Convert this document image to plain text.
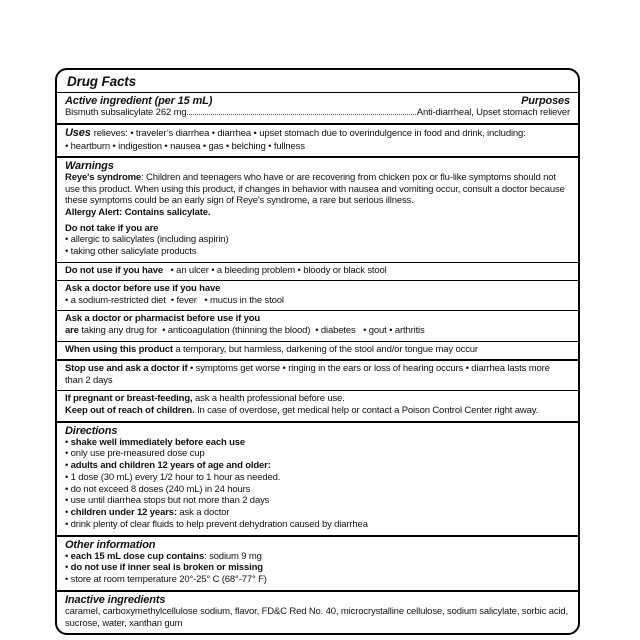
Drug Facts
Active ingredient (per 15 mL)	Purposes
Bismuth subsalicylate 262 mg	Anti-diarrheal, Upset stomach reliever

Uses relieves: • traveler’s diarrhea • diarrhea • upset stomach due to overindulgence in food and drink, including:

• heartburn • indigestion • nausea • gas • belching • fullness

Warnings

Reye's syndrome: Children and teenagers who have or are recovering from chicken pox or flu-like symptoms should not use this product. When using this product, if changes in behavior with nausea and vomiting occur, consult a doctor because these symptoms could be an early sign of Reye's syndrome, a rare but serious illness.

Allergy Alert: Contains salicylate.

Do not take if you are

• allergic to salicylates (including aspirin)
• taking other salicylate products

Do not use if you have   • an ulcer • a bleeding problem • bloody or black stool

Ask a doctor before use if you have

• a sodium-restricted diet  • fever   • mucus in the stool

Ask a doctor or pharmacist before use if you

are taking any drug for  • anticoagulation (thinning the blood)  • diabetes   • gout • arthritis

When using this product a temporary, but harmless, darkening of the stool and/or tongue may occur

Stop use and ask a doctor if • symptoms get worse • ringing in the ears or loss of hearing occurs • diarrhea lasts more than 2 days

If pregnant or breast-feeding, ask a health professional before use.

Keep out of reach of children. In case of overdose, get medical help or contact a Poison Control Center right away.

Directions
• shake well immediately before each use
• only use pre-measured dose cup
• adults and children 12 years of age and older:
• 1 dose (30 mL) every 1/2 hour to 1 hour as needed.
• do not exceed 8 doses (240 mL) in 24 hours
• use until diarrhea stops but not more than 2 days
• children under 12 years: ask a doctor
• drink plenty of clear fluids to help prevent dehydration caused by diarrhea
Other information
• each 15 mL dose cup contains: sodium 9 mg
• do not use if inner seal is broken or missing
• store at room temperature 20°-25° C (68°-77° F)
Inactive ingredients

caramel, carboxymethylcellulose sodium, flavor, FD&C Red No. 40, microcrystalline cellulose, sodium salicylate, sorbic acid, sucrose, water, xanthan gum
